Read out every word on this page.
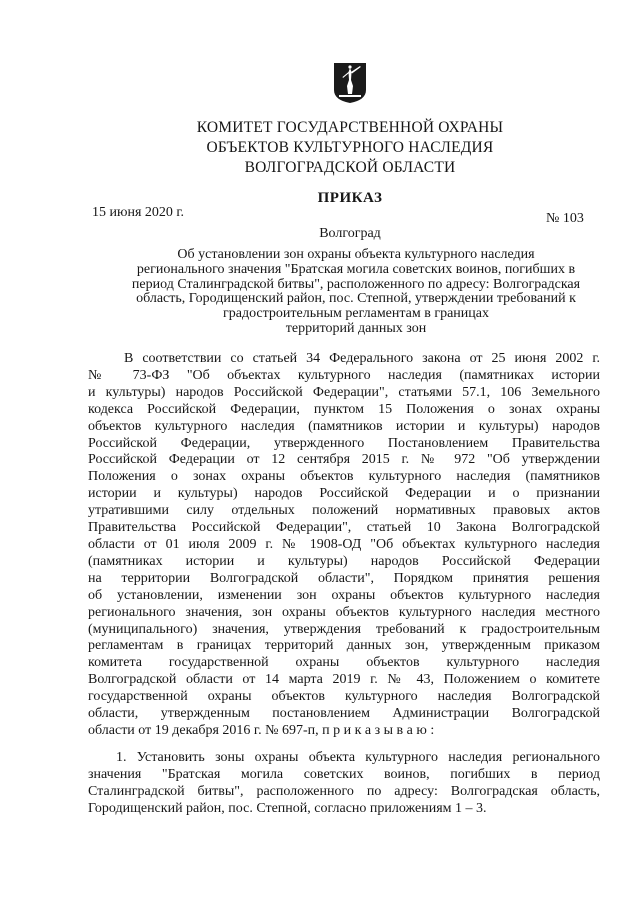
КОМИТЕТ ГОСУДАРСТВЕННОЙ ОХРАНЫ
ОБЪЕКТОВ КУЛЬТУРНОГО НАСЛЕДИЯ
ВОЛГОГРАДСКОЙ ОБЛАСТИ
ПРИКАЗ
15 июня 2020 г.	№ 103
Волгоград
Об установлении зон охраны объекта культурного наследия
регионального значения "Братская могила советских воинов, погибших в
период Сталинградской битвы", расположенного по адресу: Волгоградская
область, Городищенский район, пос. Степной, утверждении требований к
градостроительным регламентам в границах
территорий данных зон
В соответствии со статьей 34 Федерального закона от 25 июня 2002 г.
№ 73-ФЗ "Об объектах культурного наследия (памятниках истории
и культуры) народов Российской Федерации", статьями 57.1, 106 Земельного
кодекса Российской Федерации, пунктом 15 Положения о зонах охраны
объектов культурного наследия (памятников истории и культуры) народов
Российской Федерации, утвержденного Постановлением Правительства
Российской Федерации от 12 сентября 2015 г. № 972 "Об утверждении
Положения о зонах охраны объектов культурного наследия (памятников
истории и культуры) народов Российской Федерации и о признании
утратившими силу отдельных положений нормативных правовых актов
Правительства Российской Федерации", статьей 10 Закона Волгоградской
области от 01 июля 2009 г. № 1908-ОД "Об объектах культурного наследия
(памятниках истории и культуры) народов Российской Федерации
на территории Волгоградской области", Порядком принятия решения
об установлении, изменении зон охраны объектов культурного наследия
регионального значения, зон охраны объектов культурного наследия местного
(муниципального) значения, утверждения требований к градостроительным
регламентам в границах территорий данных зон, утвержденным приказом
комитета государственной охраны объектов культурного наследия
Волгоградской области от 14 марта 2019 г. № 43, Положением о комитете
государственной охраны объектов культурного наследия Волгоградской
области, утвержденным постановлением Администрации Волгоградской
области от 19 декабря 2016 г. № 697-п, п р и к а з ы в а ю :
1. Установить зоны охраны объекта культурного наследия регионального
значения "Братская могила советских воинов, погибших в период
Сталинградской битвы", расположенного по адресу: Волгоградская область,
Городищенский район, пос. Степной, согласно приложениям 1 – 3.
